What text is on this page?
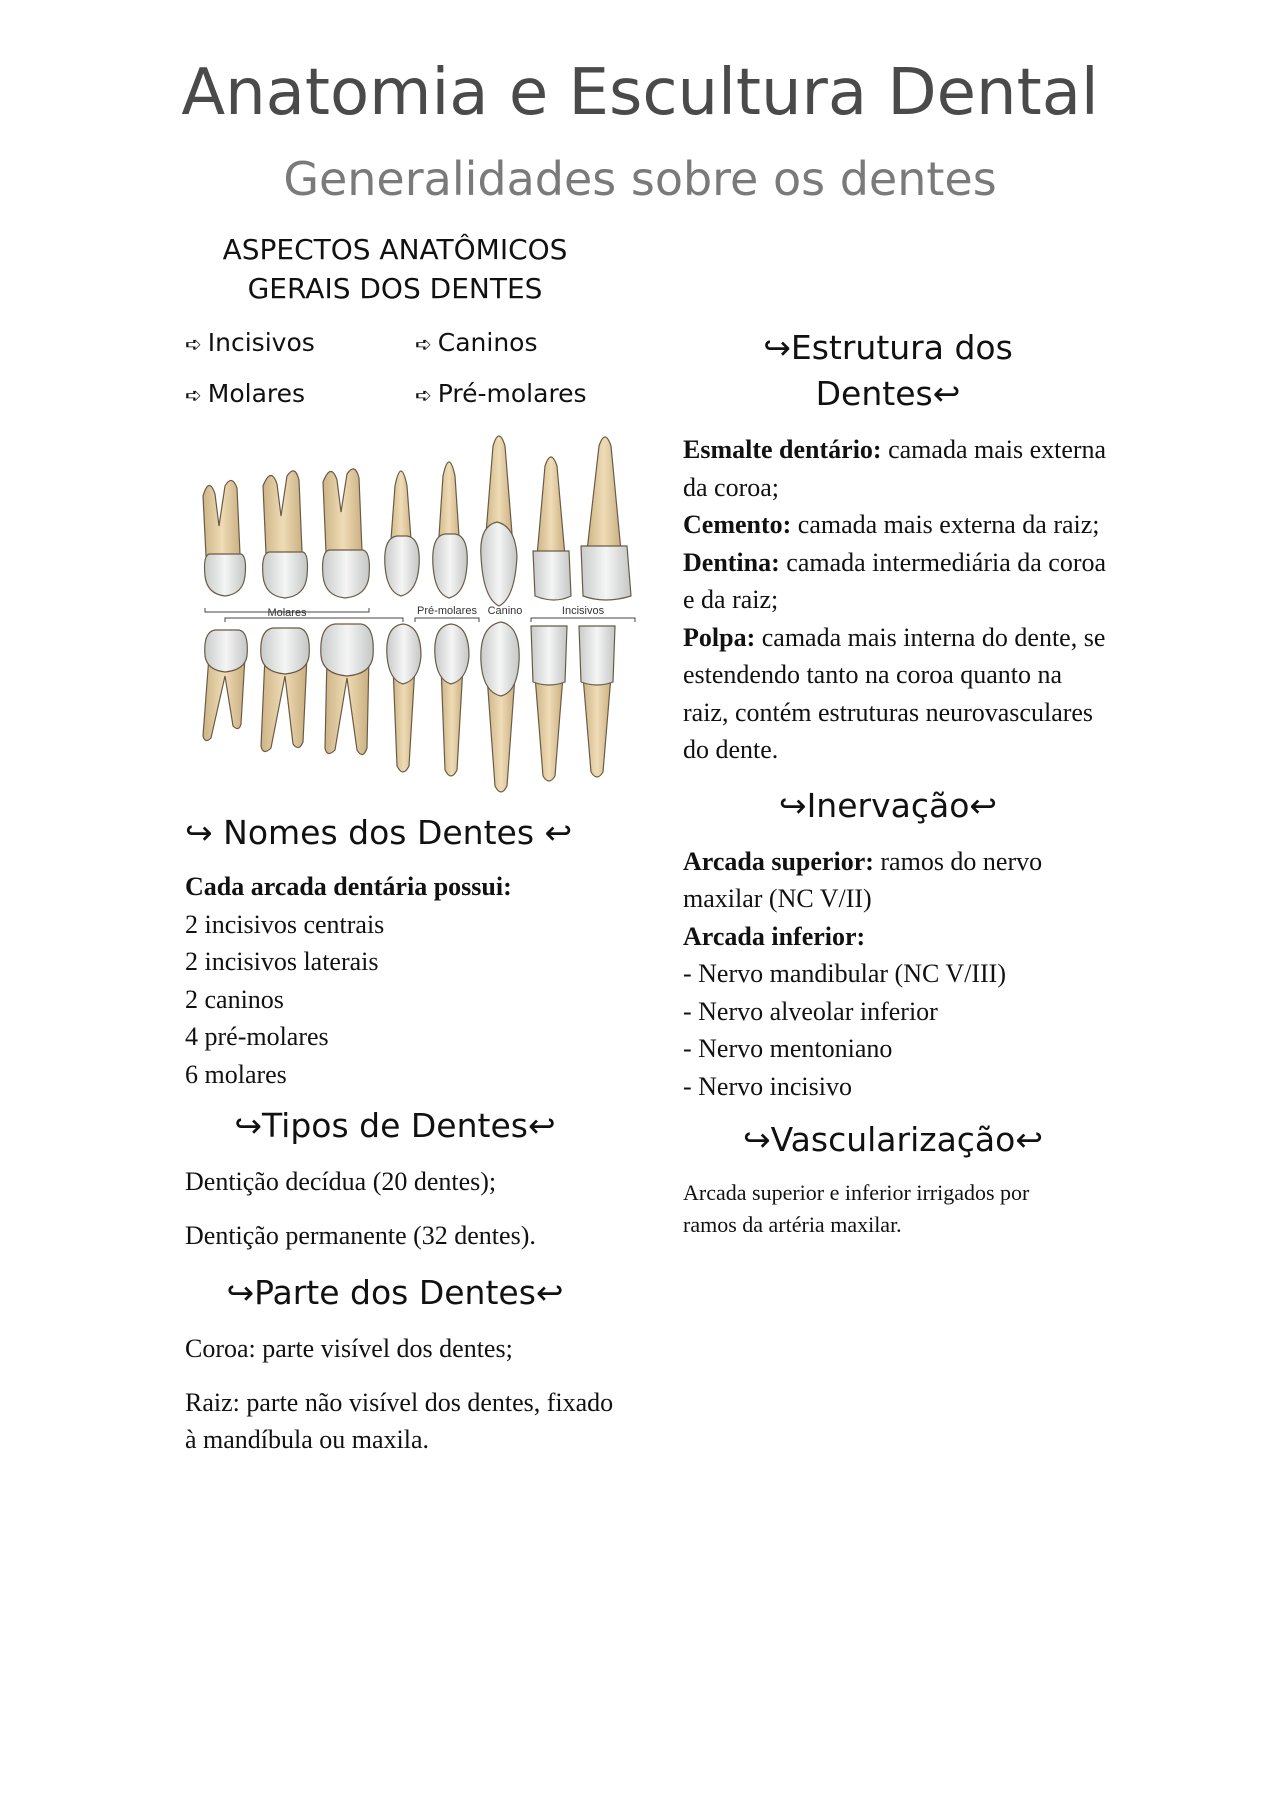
Anatomia e Escultura Dental
Generalidades sobre os dentes
ASPECTOS ANATÔMICOS
GERAIS DOS DENTES
➪ Incisivos	➪ Caninos
➪ Molares	➪ Pré-molares
Molares	Pré-molares Canino	Incisivos
↪ Nomes dos Dentes ↩

Cada arcada dentária possui:

2 incisivos centrais

2 incisivos laterais

2 caninos

4 pré-molares

6 molares

↪Tipos de Dentes↩

Dentição decídua (20 dentes);

Dentição permanente (32 dentes).

↪Parte dos Dentes↩

Coroa: parte visível dos dentes;

Raiz: parte não visível dos dentes, fixado à mandíbula ou maxila.

↪Estrutura dos
Dentes↩

Esmalte dentário: camada mais externa da coroa;

Cemento: camada mais externa da raiz;

Dentina: camada intermediária da coroa e da raiz;

Polpa: camada mais interna do dente, se estendendo tanto na coroa quanto na raiz, contém estruturas neurovasculares do dente.

↪Inervação↩

Arcada superior: ramos do nervo maxilar (NC V/II)

Arcada inferior:

- Nervo mandibular (NC V/III)

- Nervo alveolar inferior

- Nervo mentoniano

- Nervo incisivo

↪Vascularização↩

Arcada superior e inferior irrigados por ramos da artéria maxilar.
